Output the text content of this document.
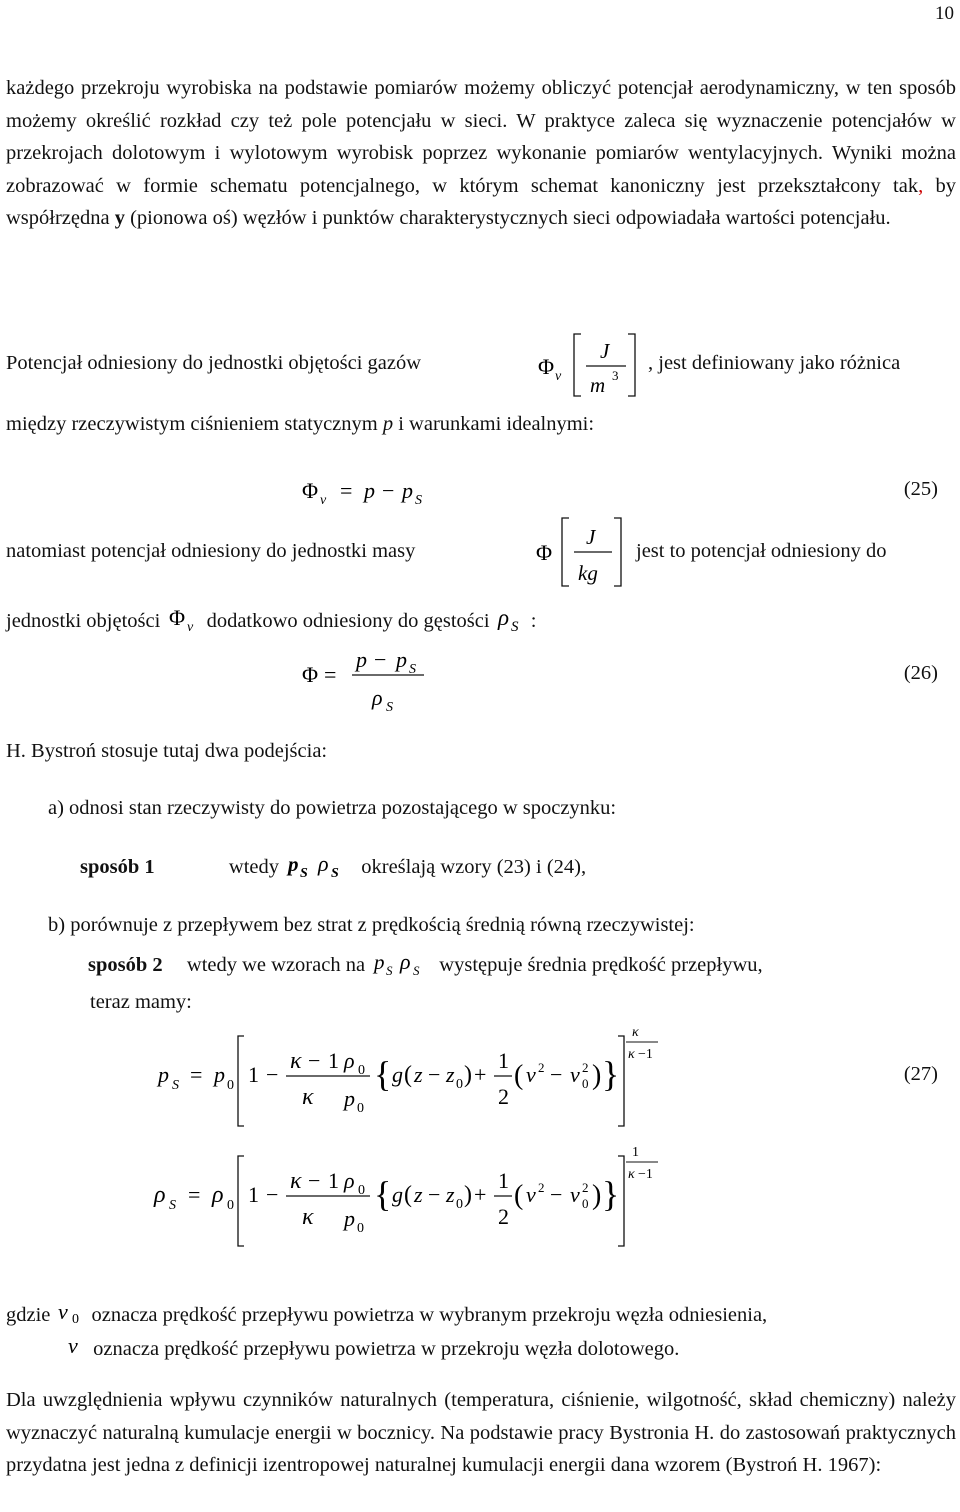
10

każdego przekroju wyrobiska na podstawie pomiarów możemy obliczyć potencjał aerodynamiczny, w ten sposób możemy określić rozkład czy też pole potencjału w sieci. W praktyce zaleca się wyznaczenie potencjałów w przekrojach dolotowym i wylotowym wyrobisk poprzez wykonanie pomiarów wentylacyjnych. Wyniki można zobrazować w formie schematu potencjalnego, w którym schemat kanoniczny jest przekształcony tak, by współrzędna y (pionowa oś) węzłów i punktów charakterystycznych sieci odpowiadała wartości potencjału.

Potencjał odniesiony do jednostki objętości gazów	Φ v
J
m 3
, jest definiowany jako różnica
między rzeczywistym ciśnieniem statycznym p i warunkami idealnymi:
Φ v = p − p S
(25)
natomiast potencjał odniesiony do jednostki masy	Φ
J
kg
jest to potencjał odniesiony do
jednostki objętości Φ v dodatkowo odniesiony do gęstości ρ S :
Φ =
p − p S
ρ S
(26)
H. Bystroń stosuje tutaj dwa podejścia:
a) odnosi stan rzeczywisty do powietrza pozostającego w spoczynku:
sposób 1	wtedy p S ρ S określają wzory (23) i (24),
b) porównuje z przepływem bez strat z prędkością średnią równą rzeczywistej:
sposób 2 wtedy we wzorach na p S ρ S występuje średnia prędkość przepływu,
teraz mamy:
p S = p 0 1 −
κ − 1
κ
ρ 0
p 0
{ g ( z − z 0 ) +
1
2
( v 2 − v 2
0 ) }
κ
κ −1
(27)
ρ S = ρ 0 1 −
κ − 1
κ
ρ 0
p 0
{ g ( z − z 0 ) +
1
2
( v 2 − v 2
0 ) }
1
κ −1
gdzie v 0 oznacza prędkość przepływu powietrza w wybranym przekroju węzła odniesienia,
v oznacza prędkość przepływu powietrza w przekroju węzła dolotowego.

Dla uwzględnienia wpływu czynników naturalnych (temperatura, ciśnienie, wilgotność, skład chemiczny) należy wyznaczyć naturalną kumulacje energii w bocznicy. Na podstawie pracy Bystronia H. do zastosowań praktycznych przydatna jest jedna z definicji izentropowej naturalnej kumulacji energii dana wzorem (Bystroń H. 1967):
